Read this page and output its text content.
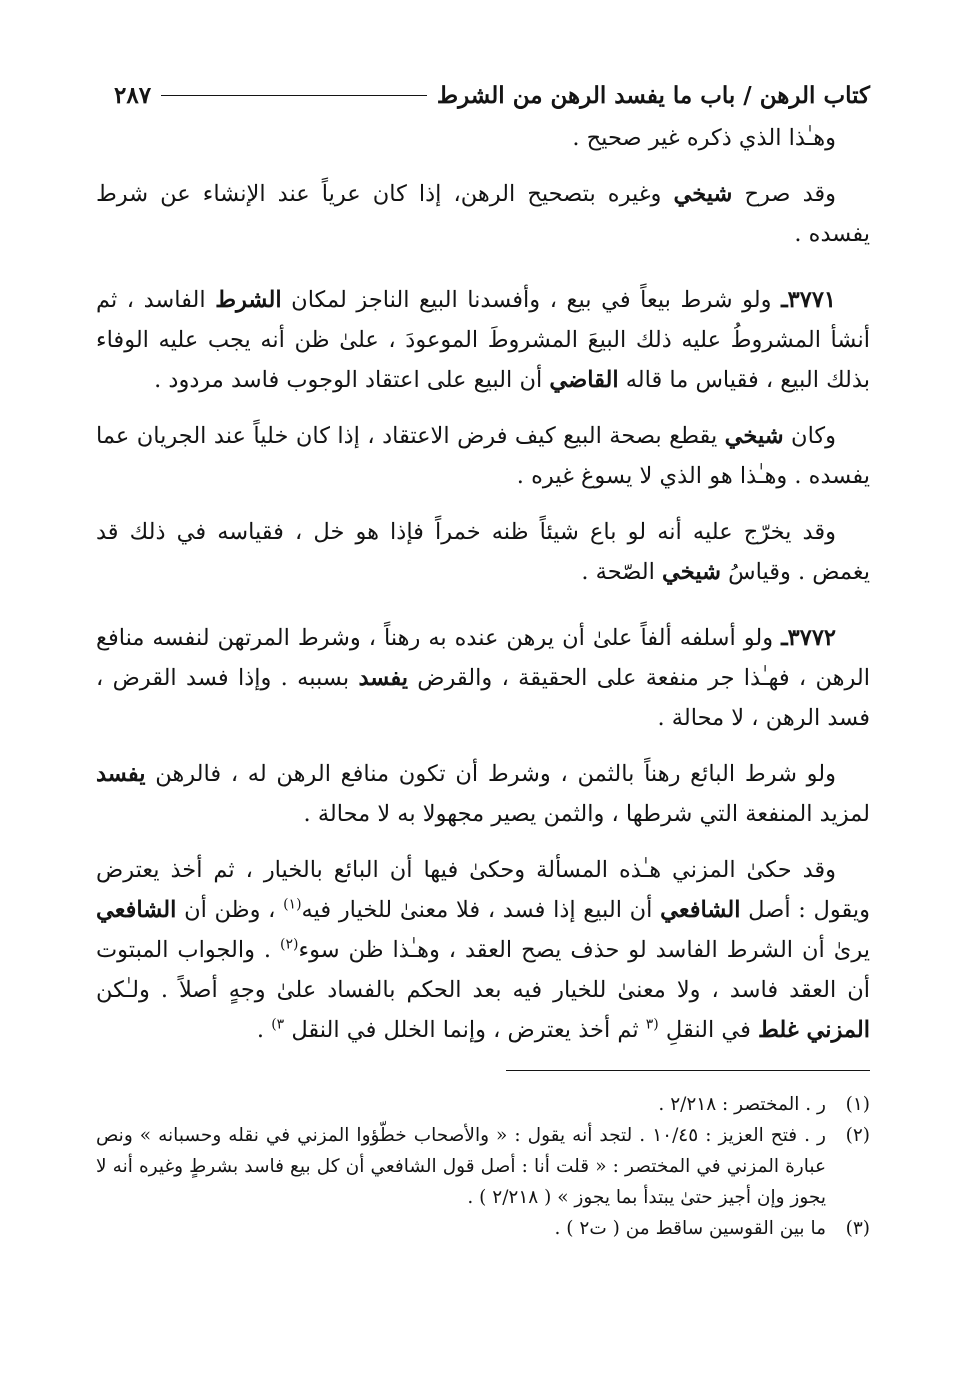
كتاب الرهن / باب ما يفسد الرهن من الشرط
٢٨٧

وهـٰذا الذي ذكره غير صحيح .

وقد صرح شيخي وغيره بتصحيح الرهن، إذا كان عرياً عند الإنشاء عن شرط يفسده .

٣٧٧١ـ ولو شرط بيعاً في بيع ، وأفسدنا البيع الناجز لمكان الشرط الفاسد ، ثم أنشأ المشروطُ عليه ذلك البيعَ المشروطَ الموعودَ ، علىٰ ظن أنه يجب عليه الوفاء بذلك البيع ، فقياس ما قاله القاضي أن البيع على اعتقاد الوجوب فاسد مردود .

وكان شيخي يقطع بصحة البيع كيف فرض الاعتقاد ، إذا كان خلياً عند الجريان عما يفسده . وهـٰذا هو الذي لا يسوغ غيره .

وقد يخرّج عليه أنه لو باع شيئاً ظنه خمراً فإذا هو خل ، فقياسه في ذلك قد يغمض . وقياسُ شيخي الصّحة .

٣٧٧٢ـ ولو أسلفه ألفاً علىٰ أن يرهن عنده به رهناً ، وشرط المرتهن لنفسه منافع الرهن ، فهـٰذا جر منفعة على الحقيقة ، والقرض يفسد بسببه . وإذا فسد القرض ، فسد الرهن ، لا محالة .

ولو شرط البائع رهناً بالثمن ، وشرط أن تكون منافع الرهن له ، فالرهن يفسد لمزيد المنفعة التي شرطها ، والثمن يصير مجهولا به لا محالة .

وقد حكىٰ المزني هـٰذه المسألة وحكىٰ فيها أن البائع بالخيار ، ثم أخذ يعترض ويقول : أصل الشافعي أن البيع إذا فسد ، فلا معنىٰ للخيار فيه$^{(١)}$ ، وظن أن الشافعي يرىٰ أن الشرط الفاسد لو حذف يصح العقد ، وهـٰذا ظن سوء$^{(٢)}$ . والجواب المبتوت أن العقد فاسد ، ولا معنىٰ للخيار فيه بعد الحكم بالفساد علىٰ وجهٍ أصلاً . ولـٰكن المزني غلط في النقلِ $^{(٣}$ ثم أخذ يعترض ، وإنما الخلل في النقل $^{٣)}$ .

(١)
ر . المختصر : ٢/٢١٨ .
(٢)
ر . فتح العزيز : ١٠/٤٥ . لتجد أنه يقول : « والأصحاب خطّؤوا المزني في نقله وحسبانه » ونص عبارة المزني في المختصر : « قلت أنا : أصل قول الشافعي أن كل بيع فاسد بشرطٍ وغيره أنه لا يجوز وإن أجيز حتىٰ يبتدأ بما يجوز » ( ٢/٢١٨ ) .
(٣)
ما بين القوسين ساقط من ( ت٢ ) .
